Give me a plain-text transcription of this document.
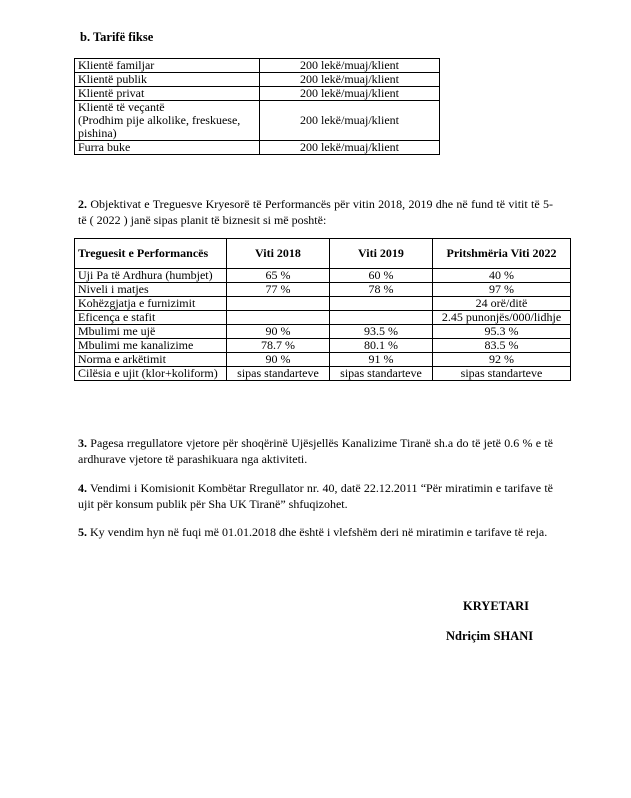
b. Tarifë fikse
Klientë familjar	200 lekë/muaj/klient
Klientë publik	200 lekë/muaj/klient
Klientë privat	200 lekë/muaj/klient
Klientë të veçantë
(Prodhim pije alkolike, freskuese, pishina)	200 lekë/muaj/klient
Furra buke	200 lekë/muaj/klient
2. Objektivat e Treguesve Kryesorë të Performancës për vitin 2018, 2019 dhe në fund të vitit të 5-të ( 2022 ) janë sipas planit të biznesit si më poshtë:
Treguesit e Performancës	Viti 2018	Viti 2019	Pritshmëria Viti 2022
Uji Pa të Ardhura (humbjet)	65 %	60 %	40 %
Niveli i matjes	77 %	78 %	97 %
Kohëzgjatja e furnizimit			24 orë/ditë
Eficença e stafit			2.45 punonjës/000/lidhje
Mbulimi me ujë	90 %	93.5 %	95.3 %
Mbulimi me kanalizime	78.7 %	80.1 %	83.5 %
Norma e arkëtimit	90 %	91 %	92 %
Cilësia e ujit (klor+koliform)	sipas standarteve	sipas standarteve	sipas standarteve
3. Pagesa rregullatore vjetore për shoqërinë Ujësjellës Kanalizime Tiranë sh.a do të jetë 0.6 % e të ardhurave vjetore të parashikuara nga aktiviteti.
4. Vendimi i Komisionit Kombëtar Rregullator nr. 40, datë 22.12.2011 “Për miratimin e tarifave të ujit për konsum publik për Sha UK Tiranë” shfuqizohet.
5. Ky vendim hyn në fuqi më 01.01.2018 dhe është i vlefshëm deri në miratimin e tarifave të reja.
KRYETARI
Ndriçim SHANI
